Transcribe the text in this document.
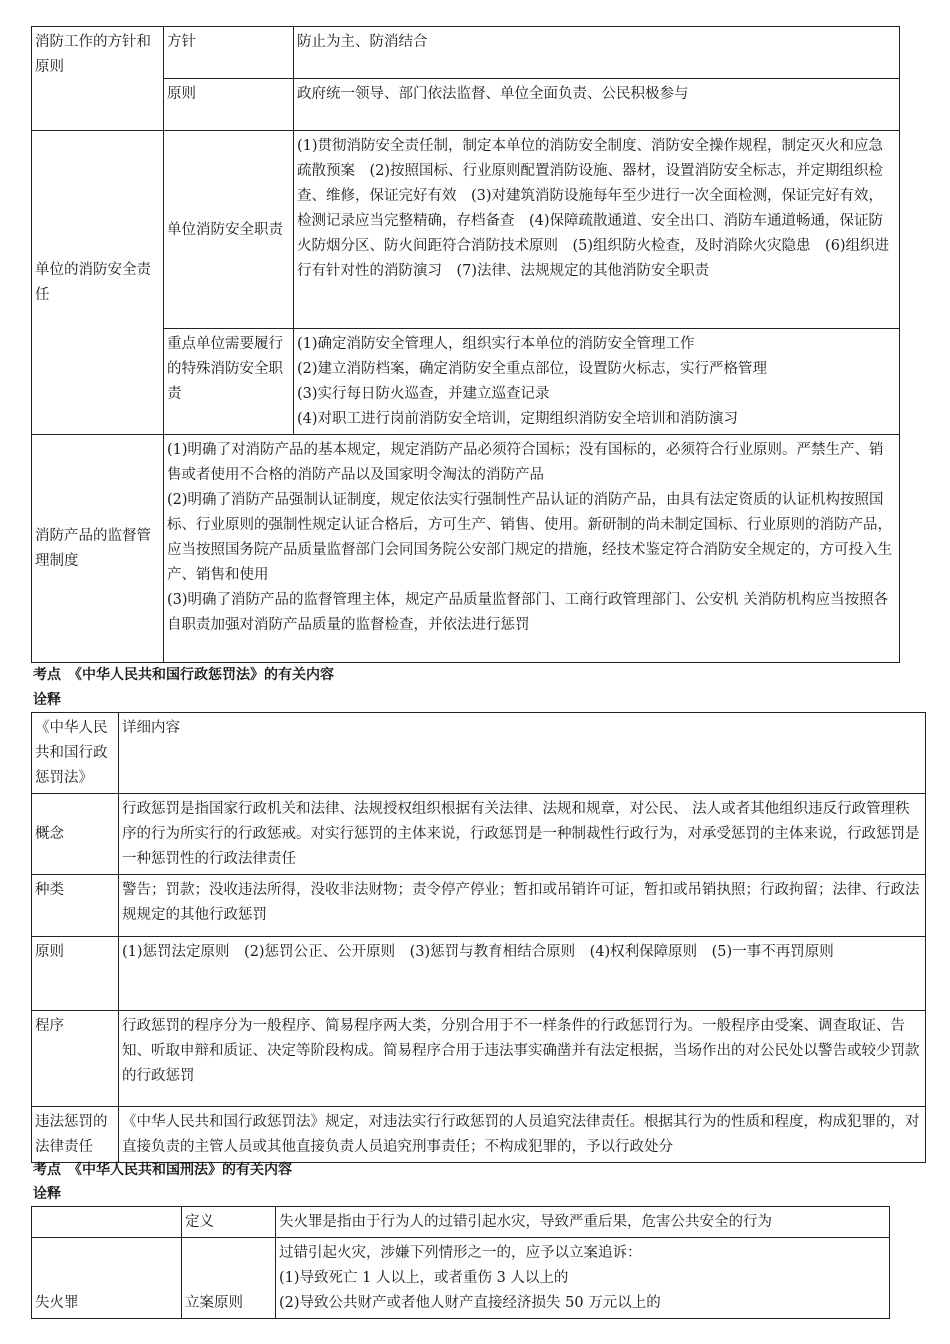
消防工作的方针和原则	方针	防止为主、防消结合
	原则	政府统一领导、部门依法监督、单位全面负责、公民积极参与
单位的消防安全责任	单位消防安全职责	(1)贯彻消防安全责任制，制定本单位的消防安全制度、消防安全操作规程，制定灭火和应急疏散预案　(2)按照国标、行业原则配置消防设施、器材，设置消防安全标志，并定期组织检查、维修，保证完好有效　(3)对建筑消防设施每年至少进行一次全面检测，保证完好有效，检测记录应当完整精确，存档备查　(4)保障疏散通道、安全出口、消防车通道畅通，保证防火防烟分区、防火间距符合消防技术原则　(5)组织防火检查，及时消除火灾隐患　(6)组织进行有针对性的消防演习　(7)法律、法规规定的其他消防安全职责
	重点单位需要履行的特殊消防安全职责	(1)确定消防安全管理人，组织实行本单位的消防安全管理工作
(2)建立消防档案，确定消防安全重点部位，设置防火标志，实行严格管理
(3)实行每日防火巡查，并建立巡查记录
(4)对职工进行岗前消防安全培训，定期组织消防安全培训和消防演习

消防产品的监督管理制度	(1)明确了对消防产品的基本规定，规定消防产品必须符合国标；没有国标的，必须符合行业原则。严禁生产、销售或者使用不合格的消防产品以及国家明令淘汰的消防产品
(2)明确了消防产品强制认证制度，规定依法实行强制性产品认证的消防产品，由具有法定资质的认证机构按照国标、行业原则的强制性规定认证合格后，方可生产、销售、使用。新研制的尚未制定国标、行业原则的消防产品，应当按照国务院产品质量监督部门会同国务院公安部门规定的措施，经技术鉴定符合消防安全规定的，方可投入生产、销售和使用
(3)明确了消防产品的监督管理主体，规定产品质量监督部门、工商行政管理部门、公安机 关消防机构应当按照各自职责加强对消防产品质量的监督检查，并依法进行惩罚	

考点　《中华人民共和国行政惩罚法》的有关内容

诠释

《中华人民共和国行政惩罚法》	详细内容
概念	行政惩罚是指国家行政机关和法律、法规授权组织根据有关法律、法规和规章，对公民、 法人或者其他组织违反行政管理秩序的行为所实行的行政惩戒。对实行惩罚的主体来说，行政惩罚是一种制裁性行政行为，对承受惩罚的主体来说，行政惩罚是一种惩罚性的行政法律责任
种类	警告；罚款；没收违法所得，没收非法财物；责令停产停业；暂扣或吊销许可证，暂扣或吊销执照；行政拘留；法律、行政法规规定的其他行政惩罚
原则	(1)惩罚法定原则　(2)惩罚公正、公开原则　(3)惩罚与教育相结合原则　(4)权利保障原则　(5)一事不再罚原则
程序	行政惩罚的程序分为一般程序、简易程序两大类，分别合用于不一样条件的行政惩罚行为。一般程序由受案、调查取证、告知、听取申辩和质证、决定等阶段构成。简易程序合用于违法事实确凿并有法定根据，当场作出的对公民处以警告或较少罚款的行政惩罚
违法惩罚的法律责任	《中华人民共和国行政惩罚法》规定，对违法实行行政惩罚的人员追究法律责任。根据其行为的性质和程度，构成犯罪的，对直接负责的主管人员或其他直接负责人员追究刑事责任；不构成犯罪的，予以行政处分

考点　《中华人民共和国刑法》的有关内容

诠释

	定义	失火罪是指由于行为人的过错引起水灾，导致严重后果，危害公共安全的行为
失火罪	立案原则	过错引起火灾，涉嫌下列情形之一的，应予以立案追诉：
(1)导致死亡 1 人以上，或者重伤 3 人以上的
(2)导致公共财产或者他人财产直接经济损失 50 万元以上的
